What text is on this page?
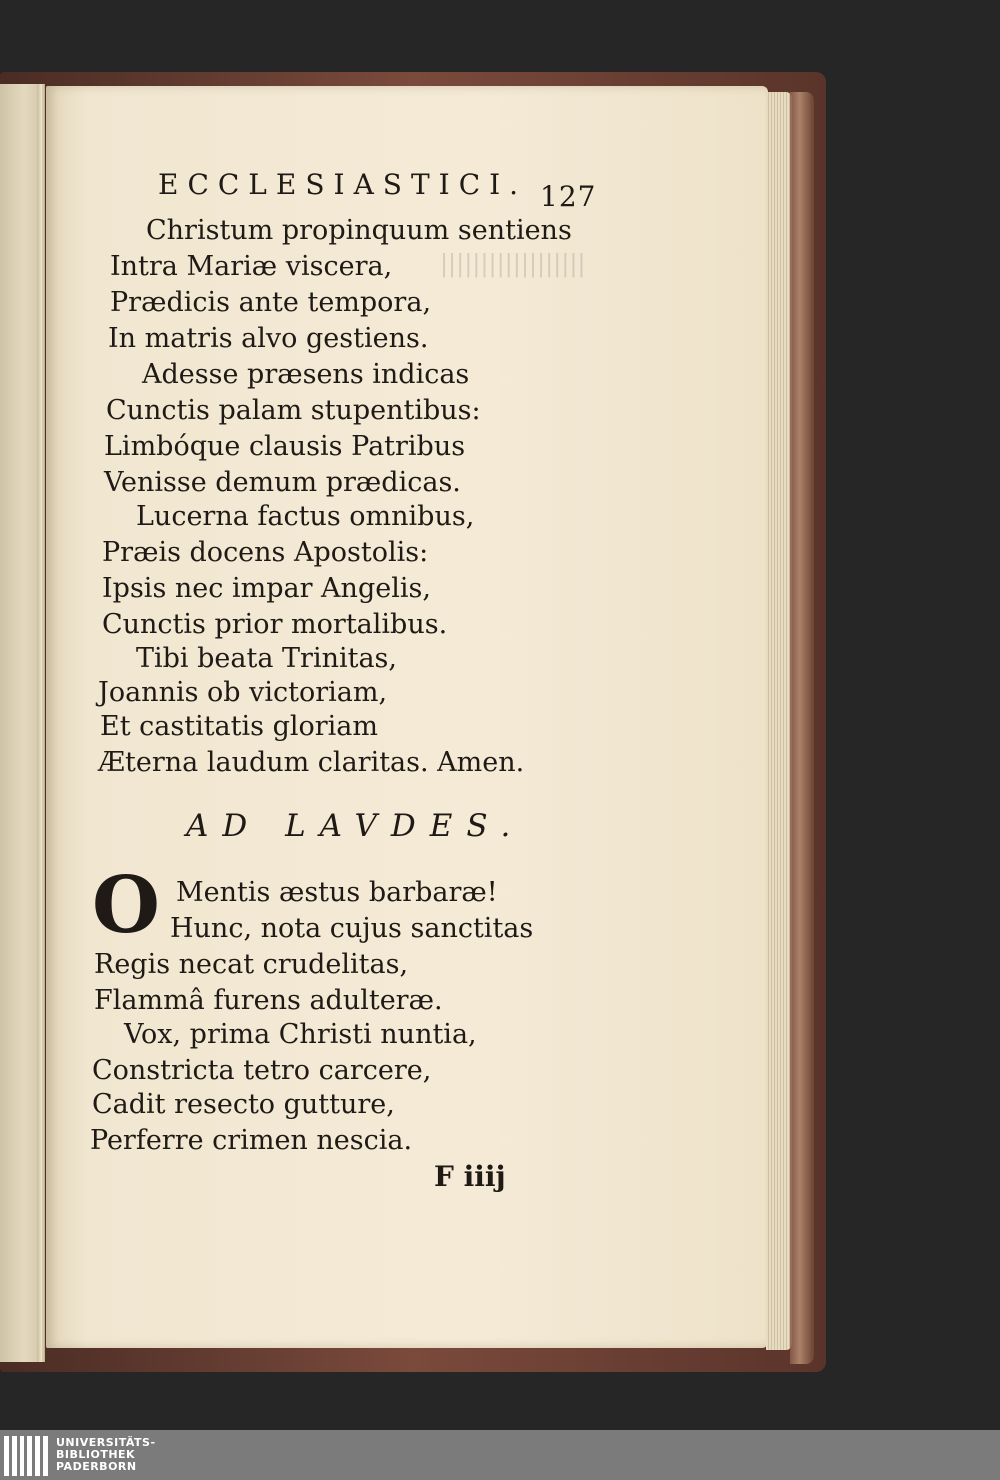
||||||||||||||||||
ECCLESIASTICI. 127
Christum propinquum sentiens
Intra Mariæ viscera,
Prædicis ante tempora,
In matris alvo gestiens.
Adesse præsens indicas
Cunctis palam stupentibus:
Limbóque clausis Patribus
Venisse demum prædicas.
Lucerna factus omnibus,
Præis docens Apostolis:
Ipsis nec impar Angelis,
Cunctis prior mortalibus.
Tibi beata Trinitas,
Joannis ob victoriam,
Et castitatis gloriam
Æterna laudum claritas. Amen.
AD LAVDES.
O Mentis æstus barbaræ!
Hunc, nota cujus sanctitas
Regis necat crudelitas,
Flammâ furens adulteræ.
Vox, prima Christi nuntia,
Constricta tetro carcere,
Cadit resecto gutture,
Perferre crimen nescia.
F iiij
UNIVERSITÄTS-
BIBLIOTHEK
PADERBORN
